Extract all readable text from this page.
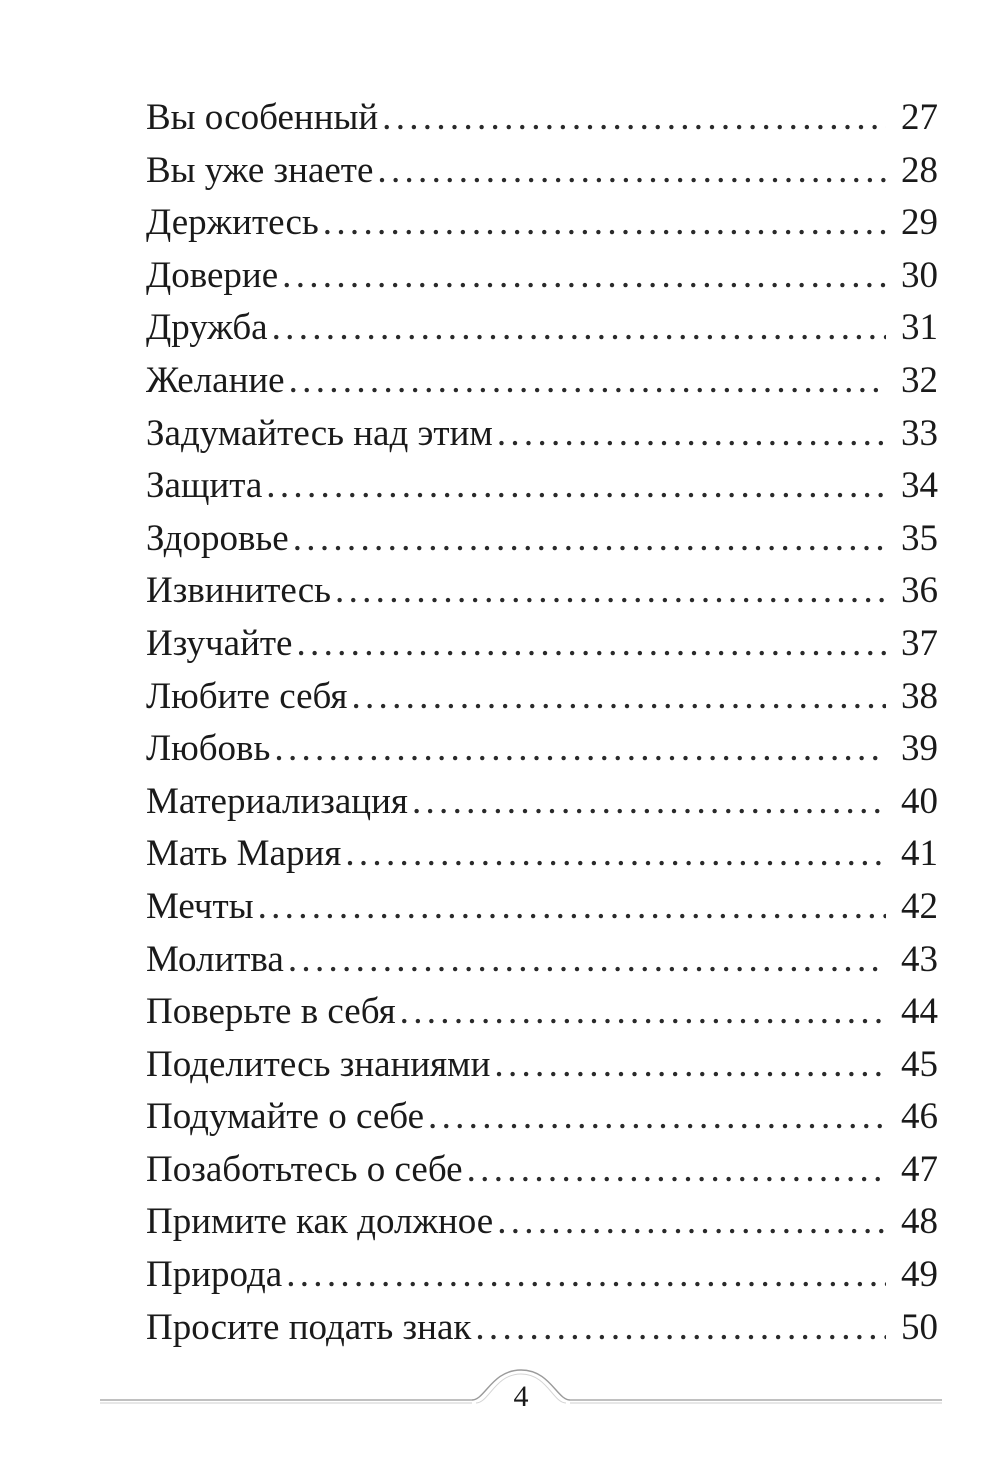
Вы особенный .....	27
Вы уже знаете .....	28
Держитесь .....	29
Доверие .....	30
Дружба .....	31
Желание .....	32
Задумайтесь над этим .....	33
Защита .....	34
Здоровье .....	35
Извинитесь .....	36
Изучайте .....	37
Любите себя .....	38
Любовь .....	39
Материализация .....	40
Мать Мария .....	41
Мечты .....	42
Молитва .....	43
Поверьте в себя .....	44
Поделитесь знаниями .....	45
Подумайте о себе .....	46
Позаботьтесь о себе .....	47
Примите как должное .....	48
Природа .....	49
Просите подать знак .....	50
4
